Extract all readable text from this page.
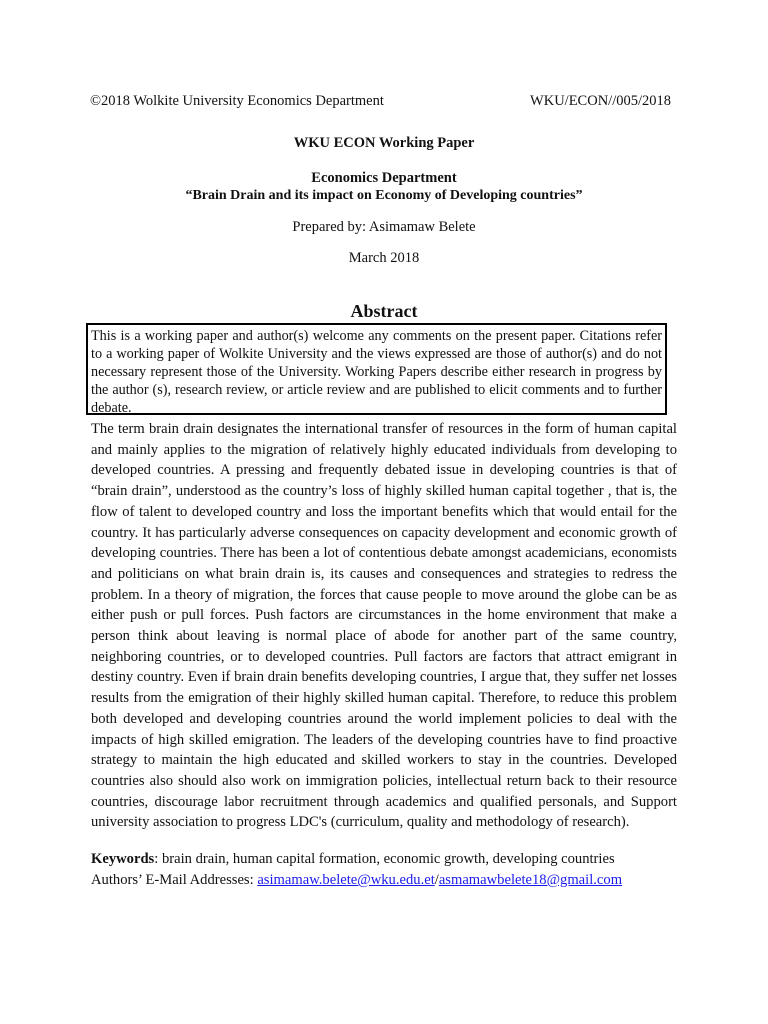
©2018 Wolkite University Economics Department	WKU/ECON//005/2018
WKU ECON Working Paper
Economics Department
“Brain Drain and its impact on Economy of Developing countries”
Prepared by: Asimamaw Belete
March 2018
Abstract
This is a working paper and author(s) welcome any comments on the present paper. Citations refer to a working paper of Wolkite University and the views expressed are those of author(s) and do not necessary represent those of the University. Working Papers describe either research in progress by the author (s), research review, or article review and are published to elicit comments and to further debate.

The term brain drain designates the international transfer of resources in the form of human capital and mainly applies to the migration of relatively highly educated individuals from developing to developed countries. A pressing and frequently debated issue in developing countries is that of “brain drain”, understood as the country’s loss of highly skilled human capital together , that is, the flow of talent to developed country and loss the important benefits which that would entail for the country. It has particularly adverse consequences on capacity development and economic growth of developing countries. There has been a lot of contentious debate amongst academicians, economists and politicians on what brain drain is, its causes and consequences and strategies to redress the problem. In a theory of migration, the forces that cause people to move around the globe can be as either push or pull forces. Push factors are circumstances in the home environment that make a person think about leaving is normal place of abode for another part of the same country, neighboring countries, or to developed countries. Pull factors are factors that attract emigrant in destiny country. Even if brain drain benefits developing countries, I argue that, they suffer net losses results from the emigration of their highly skilled human capital. Therefore, to reduce this problem both developed and developing countries around the world implement policies to deal with the impacts of high skilled emigration. The leaders of the developing countries have to find proactive strategy to maintain the high educated and skilled workers to stay in the countries. Developed countries also should also work on immigration policies, intellectual return back to their resource countries, discourage labor recruitment through academics and qualified personals, and Support university association to progress LDC's (curriculum, quality and methodology of research).

Keywords: brain drain, human capital formation, economic growth, developing countries
Authors’ E-Mail Addresses: asimamaw.belete@wku.edu.et/asmamawbelete18@gmail.com
